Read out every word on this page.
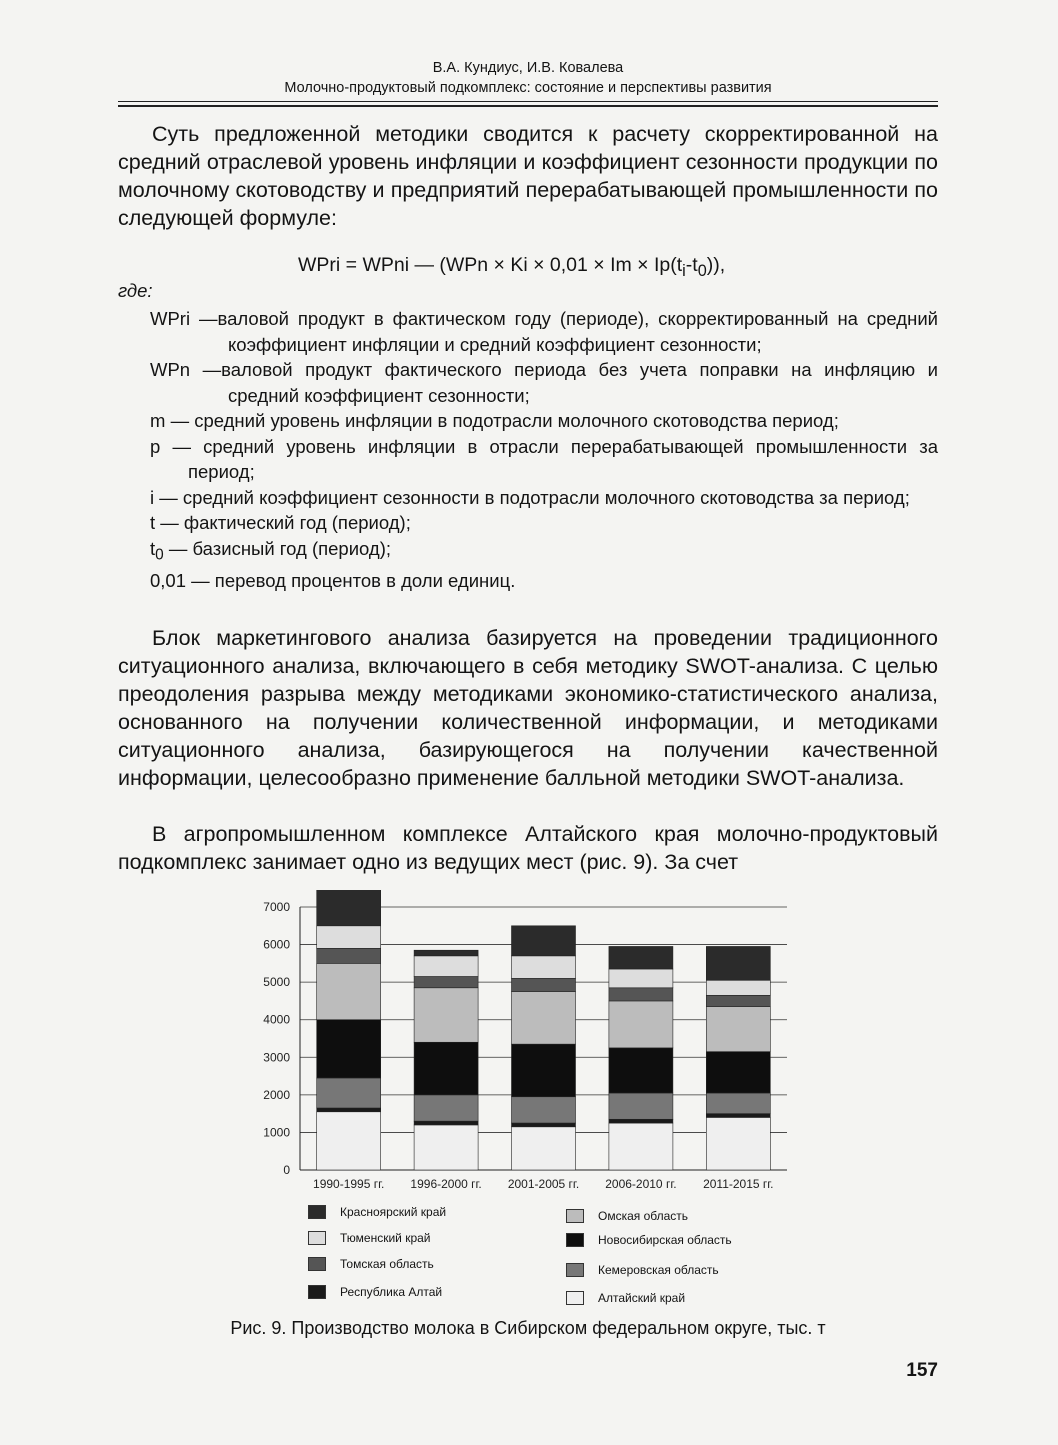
В.А. Кундиус, И.В. Ковалева
Молочно-продуктовый подкомплекс: состояние и перспективы развития

Суть предложенной методики сводится к расчету скорректированной на средний отраслевой уровень инфляции и коэффициент сезонности продукции по молочному скотоводству и предприятий перерабатывающей промышленности по следующей формуле:

WPri = WPni — $(WPn \times Ki \times 0,01 \times Im \times Ip(t_i-t_0))$,
где:
WPri —валовой продукт в фактическом году (периоде), скорректированный на средний коэффициент инфляции и средний коэффициент сезонности;
WPn —валовой продукт фактического периода без учета поправки на инфляцию и средний коэффициент сезонности;
m — средний уровень инфляции в подотрасли молочного скотоводства период;
p — средний уровень инфляции в отрасли перерабатывающей промышленности за период;
i — средний коэффициент сезонности в подотрасли молочного скотоводства за период;
t — фактический год (период);
$t_0$ — базисный год (период);
0,01 — перевод процентов в доли единиц.

Блок маркетингового анализа базируется на проведении традиционного ситуационного анализа, включающего в себя методику SWOT-анализа. С целью преодоления разрыва между методиками экономико-статистического анализа, основанного на получении количественной информации, и методиками ситуационного анализа, базирующегося на получении качественной информации, целесообразно применение балльной методики SWOT-анализа.

В агропромышленном комплексе Алтайского края молочно-продуктовый подкомплекс занимает одно из ведущих мест (рис. 9). За счет

0
1000
2000
3000
4000
5000
6000
7000
1990-1995 гг. 1996-2000 гг. 2001-2005 гг. 2006-2010 гг. 2011-2015 гг.
Красноярский край
Тюменский край
Томская область
Республика Алтай
Омская область
Новосибирская область
Кемеровская область
Алтайский край
Рис. 9. Производство молока в Сибирском федеральном округе, тыс. т
157
